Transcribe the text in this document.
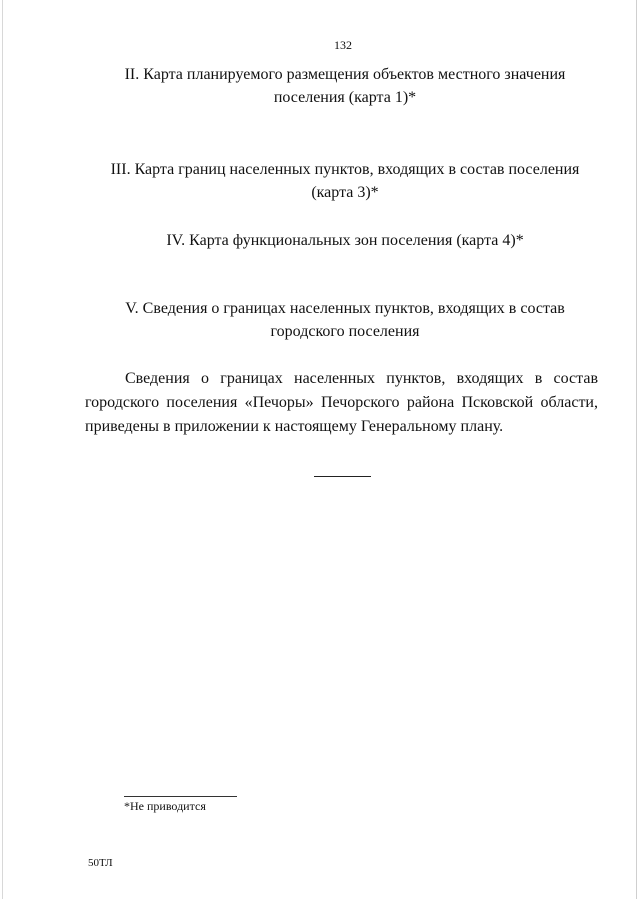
132
II. Карта планируемого размещения объектов местного значения
поселения (карта 1)*
III. Карта границ населенных пунктов, входящих в состав поселения
(карта 3)*
IV. Карта функциональных зон поселения (карта 4)*
V. Сведения о границах населенных пунктов, входящих в состав
городского поселения
Сведения о границах населенных пунктов, входящих в состав
городского поселения «Печоры» Печорского района Псковской области,
приведены в приложении к настоящему Генеральному плану.
*Не приводится
50ТЛ
